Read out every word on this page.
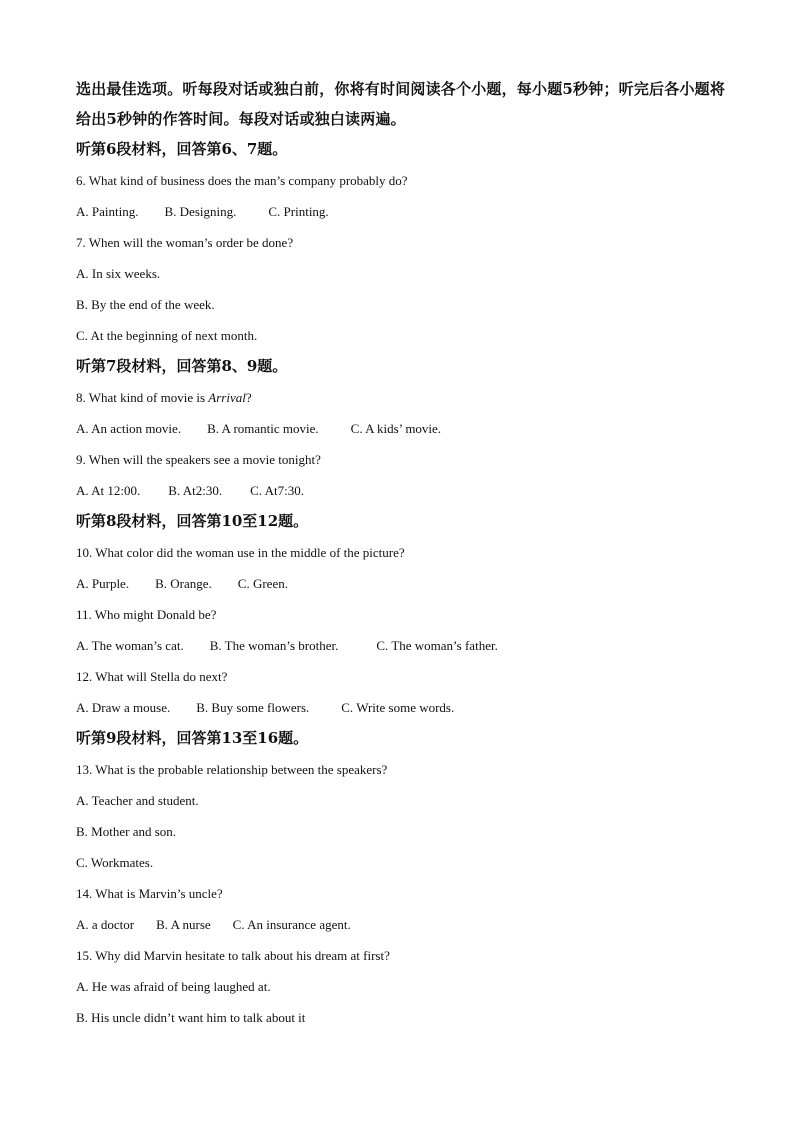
选出最佳选项。听每段对话或独白前，你将有时间阅读各个小题，每小题5秒钟；听完后各小题将给出5秒钟的作答时间。每段对话或独白读两遍。

听第6段材料，回答第6、7题。

6. What kind of business does the man’s company probably do?

A. Painting. B. Designing. C. Printing.

7. When will the woman’s order be done?

A. In six weeks.

B. By the end of the week.

C. At the beginning of next month.

听第7段材料，回答第8、9题。

8. What kind of movie is Arrival?

A. An action movie. B. A romantic movie. C. A kids’ movie.

9. When will the speakers see a movie tonight?

A. At 12:00. B. At2:30. C. At7:30.

听第8段材料，回答第10至12题。

10. What color did the woman use in the middle of the picture?

A. Purple. B. Orange. C. Green.

11. Who might Donald be?

A. The woman’s cat. B. The woman’s brother.	C. The woman’s father.

12. What will Stella do next?

A. Draw a mouse. B. Buy some flowers. C. Write some words.

听第9段材料，回答第13至16题。

13. What is the probable relationship between the speakers?

A. Teacher and student.

B. Mother and son.

C. Workmates.

14. What is Marvin’s uncle?

A. a doctor B. A nurse C. An insurance agent.

15. Why did Marvin hesitate to talk about his dream at first?

A. He was afraid of being laughed at.

B. His uncle didn’t want him to talk about it
